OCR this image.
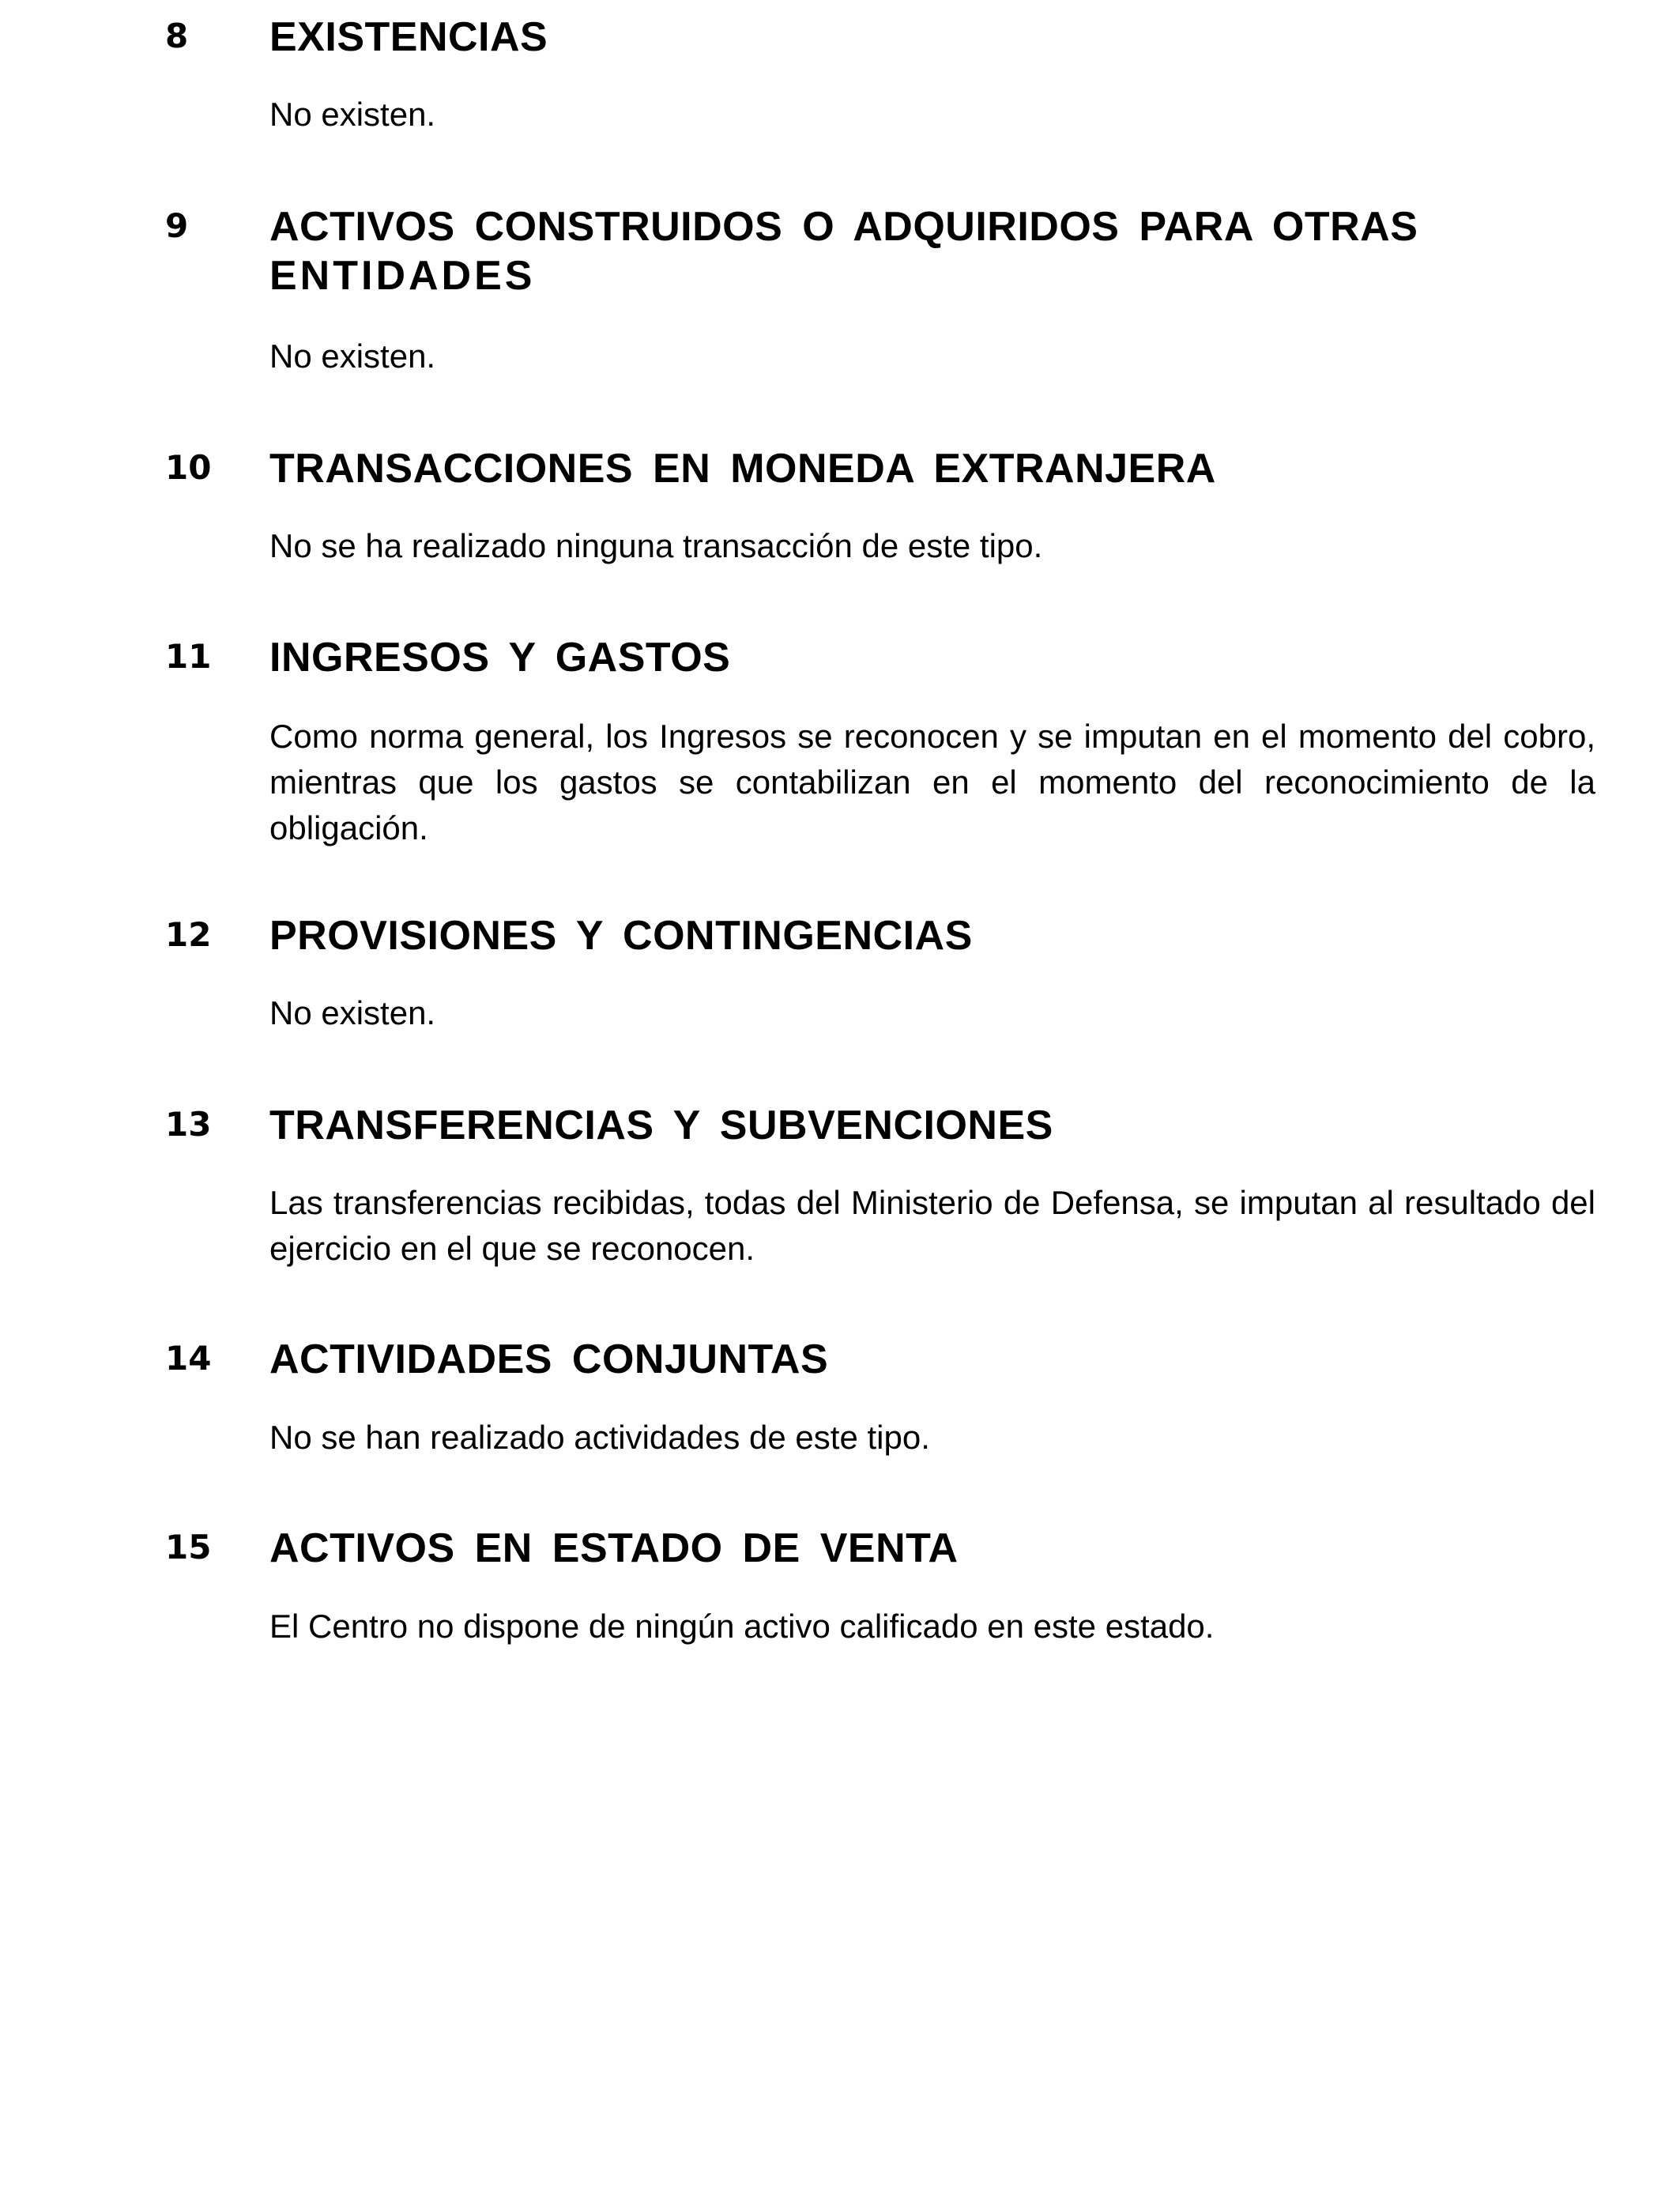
8 EXISTENCIAS

No existen.

9 ACTIVOS CONSTRUIDOS O ADQUIRIDOS PARA OTRAS
ENTIDADES

No existen.

10 TRANSACCIONES EN MONEDA EXTRANJERA

No se ha realizado ninguna transacción de este tipo.

11 INGRESOS Y GASTOS

Como norma general, los Ingresos se reconocen y se imputan en el momento del cobro, mientras que los gastos se contabilizan en el momento del reconocimiento de la obligación.

12 PROVISIONES Y CONTINGENCIAS

No existen.

13 TRANSFERENCIAS Y SUBVENCIONES

Las transferencias recibidas, todas del Ministerio de Defensa, se imputan al resultado del ejercicio en el que se reconocen.

14 ACTIVIDADES CONJUNTAS

No se han realizado actividades de este tipo.

15 ACTIVOS EN ESTADO DE VENTA

El Centro no dispone de ningún activo calificado en este estado.
